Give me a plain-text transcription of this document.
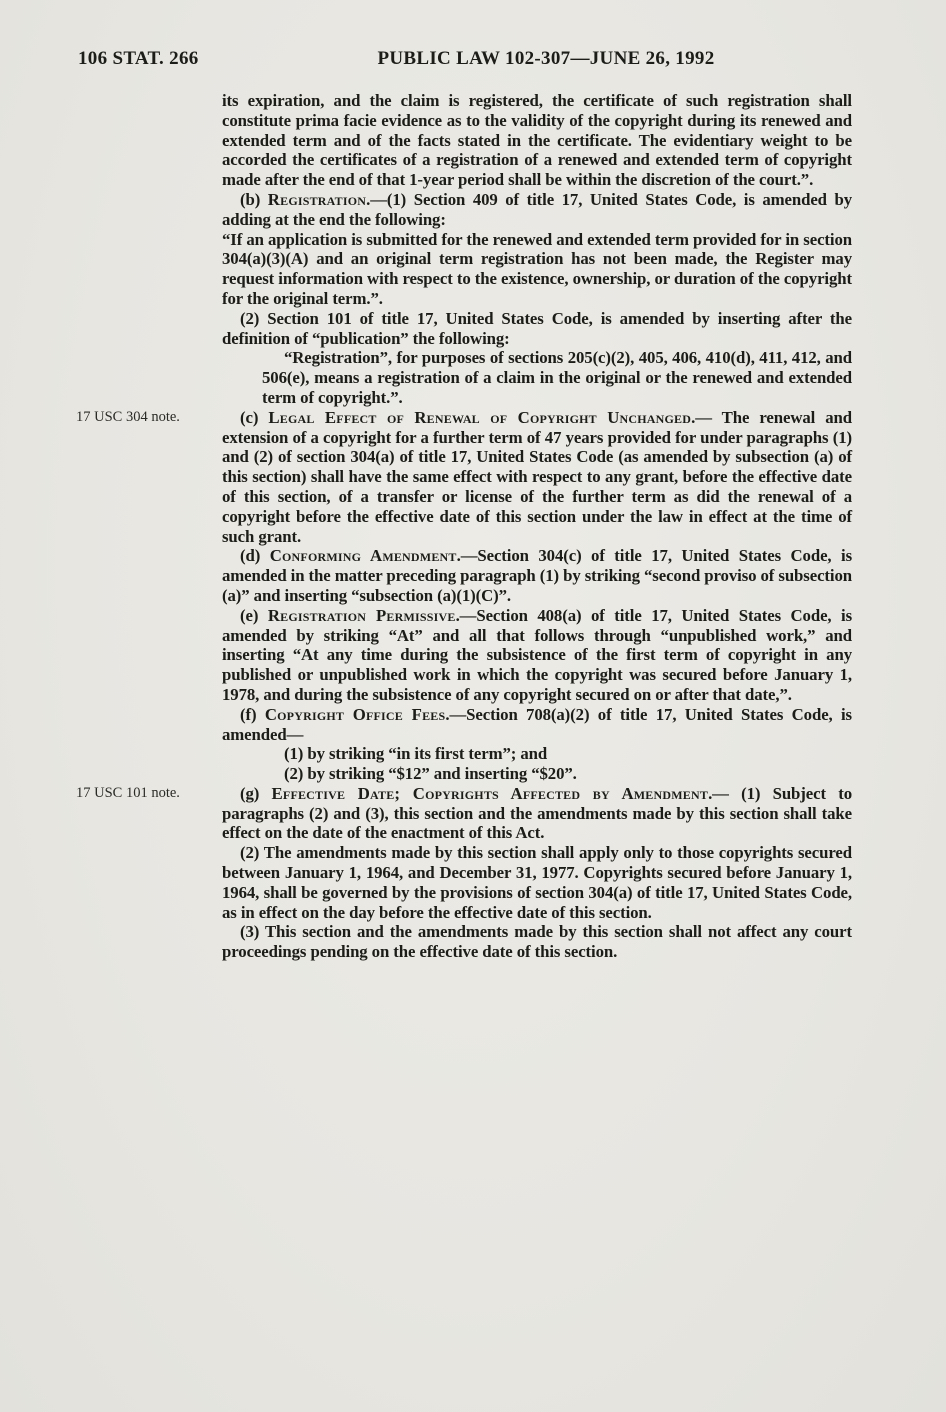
106 STAT. 266	PUBLIC LAW 102-307—JUNE 26, 1992

its expiration, and the claim is registered, the certificate of such registration shall constitute prima facie evidence as to the validity of the copyright during its renewed and extended term and of the facts stated in the certificate. The evidentiary weight to be accorded the certificates of a registration of a renewed and extended term of copyright made after the end of that 1-year period shall be within the discretion of the court.”.

(b) Registration.—(1) Section 409 of title 17, United States Code, is amended by adding at the end the following:

“If an application is submitted for the renewed and extended term provided for in section 304(a)(3)(A) and an original term registration has not been made, the Register may request information with respect to the existence, ownership, or duration of the copyright for the original term.”.

(2) Section 101 of title 17, United States Code, is amended by inserting after the definition of “publication” the following:

“Registration”, for purposes of sections 205(c)(2), 405, 406, 410(d), 411, 412, and 506(e), means a registration of a claim in the original or the renewed and extended term of copyright.”.

17 USC 304 note.	(c) Legal Effect of Renewal of Copyright Unchanged.— The renewal and extension of a copyright for a further term of 47 years provided for under paragraphs (1) and (2) of section 304(a) of title 17, United States Code (as amended by subsection (a) of this section) shall have the same effect with respect to any grant, before the effective date of this section, of a transfer or license of the further term as did the renewal of a copyright before the effective date of this section under the law in effect at the time of such grant.

(d) Conforming Amendment.—Section 304(c) of title 17, United States Code, is amended in the matter preceding paragraph (1) by striking “second proviso of subsection (a)” and inserting “subsection (a)(1)(C)”.

(e) Registration Permissive.—Section 408(a) of title 17, United States Code, is amended by striking “At” and all that follows through “unpublished work,” and inserting “At any time during the subsistence of the first term of copyright in any published or unpublished work in which the copyright was secured before January 1, 1978, and during the subsistence of any copyright secured on or after that date,”.

(f) Copyright Office Fees.—Section 708(a)(2) of title 17, United States Code, is amended—

(1) by striking “in its first term”; and

(2) by striking “$12” and inserting “$20”.

17 USC 101 note.	(g) Effective Date; Copyrights Affected by Amendment.— (1) Subject to paragraphs (2) and (3), this section and the amendments made by this section shall take effect on the date of the enactment of this Act.

(2) The amendments made by this section shall apply only to those copyrights secured between January 1, 1964, and December 31, 1977. Copyrights secured before January 1, 1964, shall be governed by the provisions of section 304(a) of title 17, United States Code, as in effect on the day before the effective date of this section.

(3) This section and the amendments made by this section shall not affect any court proceedings pending on the effective date of this section.
